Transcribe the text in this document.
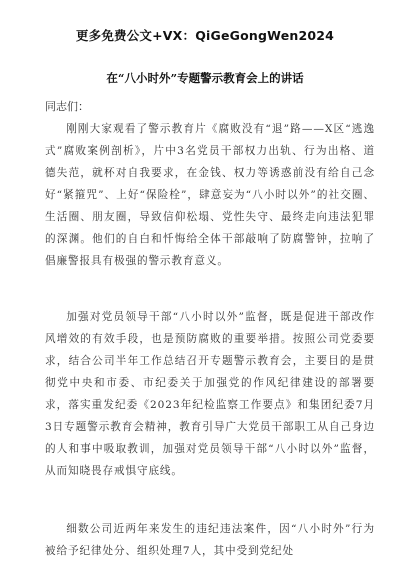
更多免费公文+VX：QiGeGongWen2024
在“八小时外”专题警示教育会上的讲话
同志们：

刚刚大家观看了警示教育片《腐败没有“退”路——X区“逃逸式”腐败案例剖析》，片中3名党员干部权力出轨、行为出格、道德失范，就杯对自我要求，在金钱、权力等诱惑前没有给自己念好“紧箍咒”、上好“保险栓”，肆意妄为“八小时以外”的社交圈、生活圈、朋友圈，导致信仰松塌、党性失守、最终走向违法犯罪的深渊。他们的自白和忏悔给全体干部敲响了防腐警钟，拉响了倡廉警报具有极强的警示教育意义。

加强对党员领导干部“八小时以外”监督，既是促进干部改作风增效的有效手段，也是预防腐败的重要举措。按照公司党委要求，结合公司半年工作总结召开专题警示教育会，主要目的是贯彻党中央和市委、市纪委关于加强党的作风纪律建设的部署要求，落实重发纪委《2023年纪检监察工作要点》和集团纪委7月3日专题警示教育会精神，教育引导广大党员干部职工从自己身边的人和事中吸取教训，加强对党员领导干部“八小时以外”监督，从而知晓畏存戒惧守底线。

细数公司近两年来发生的违纪违法案件，因“八小时外”行为被给予纪律处分、组织处理7人，其中受到党纪处
